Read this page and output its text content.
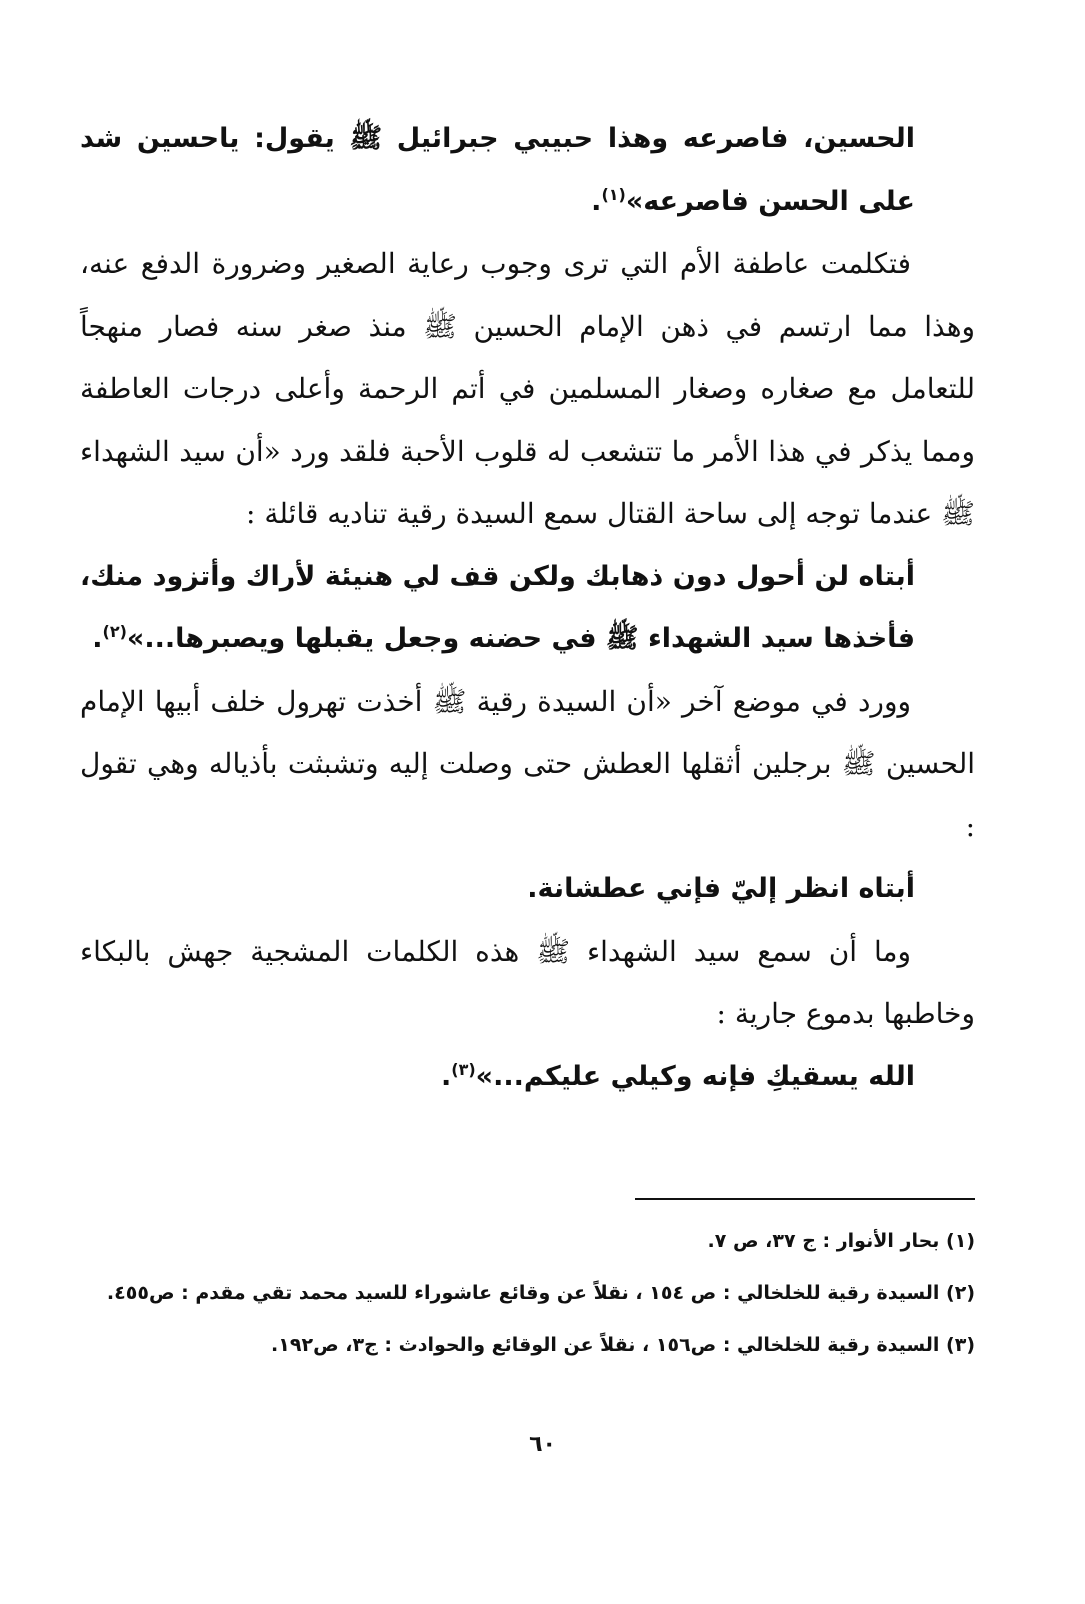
الحسين، فاصرعه وهذا حبيبي جبرائيل ﷺ يقول: ياحسين شد على الحسن فاصرعه»$^{(١)}$.

فتكلمت عاطفة الأم التي ترى وجوب رعاية الصغير وضرورة الدفع عنه، وهذا مما ارتسم في ذهن الإمام الحسين ﷺ منذ صغر سنه فصار منهجاً للتعامل مع صغاره وصغار المسلمين في أتم الرحمة وأعلى درجات العاطفة ومما يذكر في هذا الأمر ما تتشعب له قلوب الأحبة فلقد ورد «أن سيد الشهداء ﷺ عندما توجه إلى ساحة القتال سمع السيدة رقية تناديه قائلة :

أبتاه لن أحول دون ذهابك ولكن قف لي هنيئة لأراك وأتزود منك، فأخذها سيد الشهداء ﷺ في حضنه وجعل يقبلها ويصبرها...»$^{(٢)}$.

وورد في موضع آخر «أن السيدة رقية ﷺ أخذت تهرول خلف أبيها الإمام الحسين ﷺ برجلين أثقلها العطش حتى وصلت إليه وتشبثت بأذياله وهي تقول :

أبتاه انظر إليّ فإني عطشانة.

وما أن سمع سيد الشهداء ﷺ هذه الكلمات المشجية جهش بالبكاء وخاطبها بدموع جارية :

الله يسقيكِ فإنه وكيلي عليكم...»$^{(٣)}$.

(١) بحار الأنوار : ج ٣٧، ص ٧.

(٢) السيدة رقية للخلخالي : ص ١٥٤ ، نقلاً عن وقائع عاشوراء للسيد محمد تقي مقدم : ص٤٥٥.

(٣) السيدة رقية للخلخالي : ص١٥٦ ، نقلاً عن الوقائع والحوادث : ج٣، ص١٩٢.

٦٠
